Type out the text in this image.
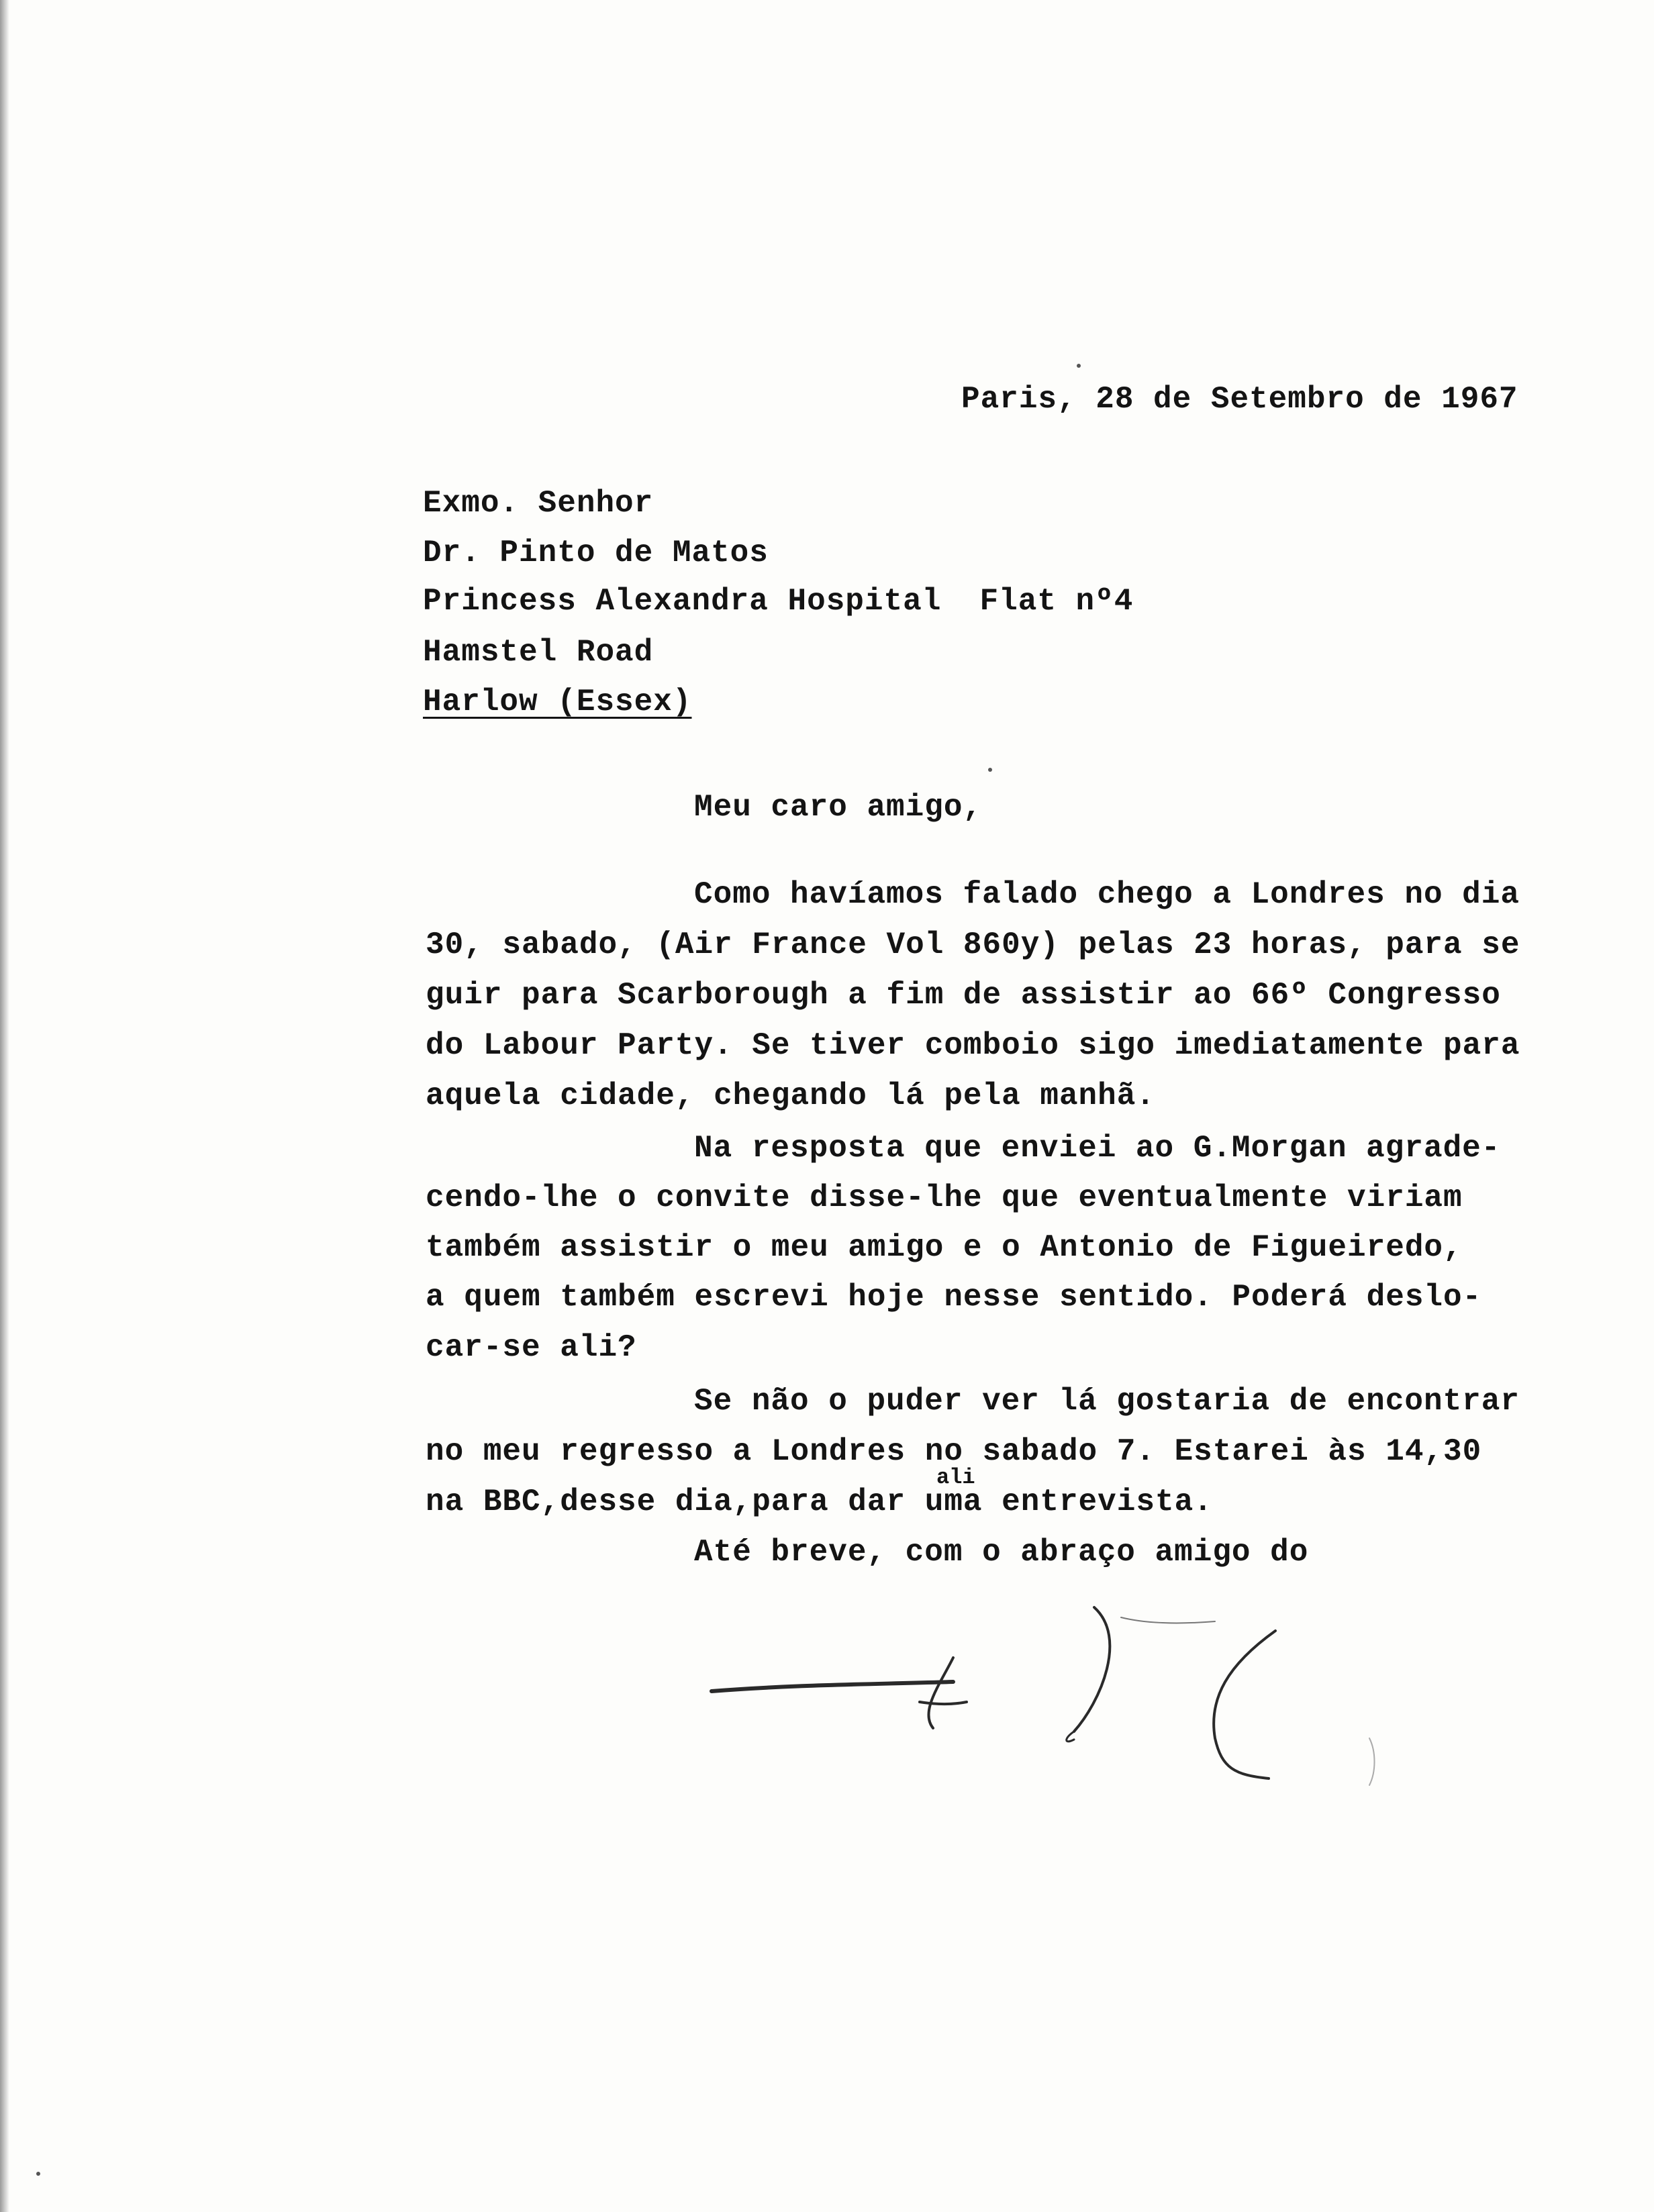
Paris, 28 de Setembro de 1967
Exmo. Senhor
Dr. Pinto de Matos
Princess Alexandra Hospital  Flat nº4
Hamstel Road
Harlow (Essex)
Meu caro amigo,
Como havíamos falado chego a Londres no dia
30, sabado, (Air France Vol 860y) pelas 23 horas, para se
guir para Scarborough a fim de assistir ao 66º Congresso
do Labour Party. Se tiver comboio sigo imediatamente para
aquela cidade, chegando lá pela manhã.
Na resposta que enviei ao G.Morgan agrade-
cendo-lhe o convite disse-lhe que eventualmente viriam
também assistir o meu amigo e o Antonio de Figueiredo,
a quem também escrevi hoje nesse sentido. Poderá deslo-
car-se ali?
Se não o puder ver lá gostaria de encontrar
no meu regresso a Londres no sabado 7. Estarei às 14,30
ali
na BBC,desse dia,para dar uma entrevista.
Até breve, com o abraço amigo do
